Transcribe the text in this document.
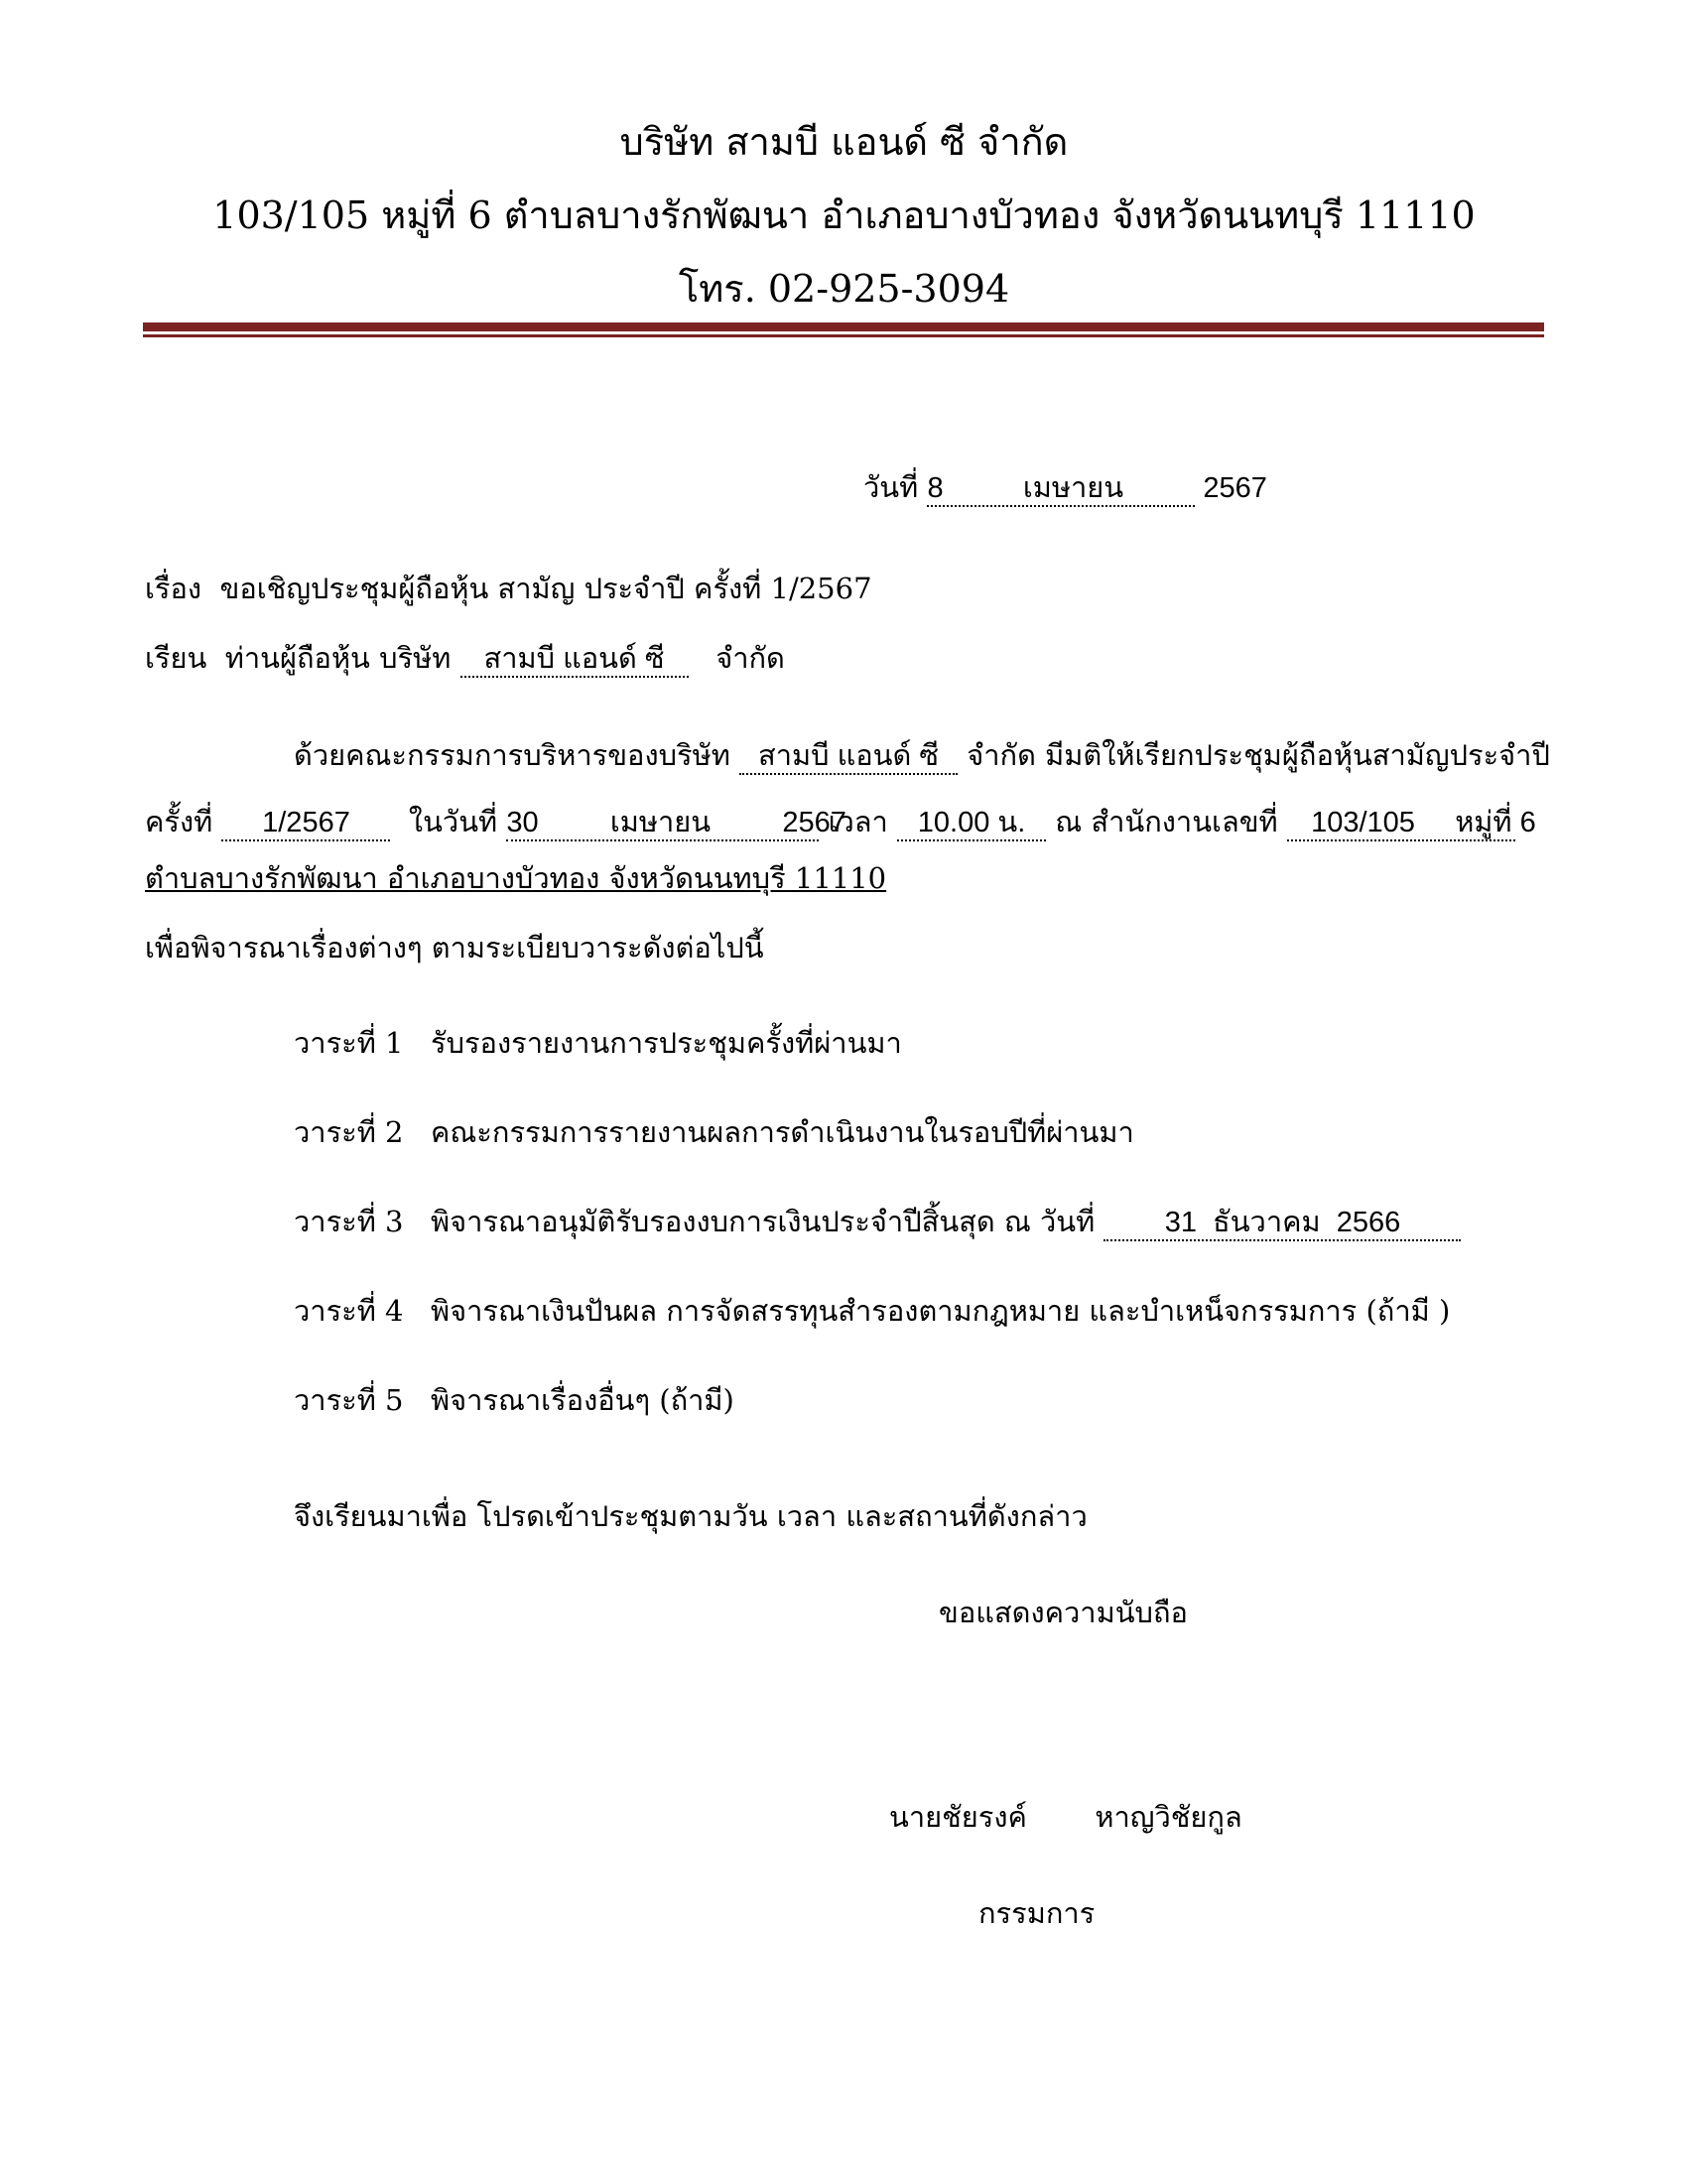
บริษัท สามบี แอนด์ ซี จำกัด
103/105 หมู่ที่ 6 ตำบลบางรักพัฒนา อำเภอบางบัวทอง จังหวัดนนทบุรี 11110
โทร. 02-925-3094
วันที่ 8	เมษายน	2567
เรื่อง ขอเชิญประชุมผู้ถือหุ้น สามัญ ประจำปี ครั้งที่ 1/2567
เรียน ท่านผู้ถือหุ้น บริษัท สามบี แอนด์ ซี จำกัด
ด้วยคณะกรรมการบริหารของบริษัท สามบี แอนด์ ซี จำกัด มีมติให้เรียกประชุมผู้ถือหุ้นสามัญประจำปี
ครั้งที่ 1/2567 ในวันที่ 30 เมษายน 2567 เวลา 10.00 น. ณ สำนักงานเลขที่ 103/105 หมู่ที่ 6
ตำบลบางรักพัฒนา อำเภอบางบัวทอง จังหวัดนนทบุรี 11110
เพื่อพิจารณาเรื่องต่างๆ ตามระเบียบวาระดังต่อไปนี้
วาระที่ 1 รับรองรายงานการประชุมครั้งที่ผ่านมา
วาระที่ 2 คณะกรรมการรายงานผลการดำเนินงานในรอบปีที่ผ่านมา
วาระที่ 3 พิจารณาอนุมัติรับรองงบการเงินประจำปีสิ้นสุด ณ วันที่ 31 ธันวาคม 2566
วาระที่ 4 พิจารณาเงินปันผล การจัดสรรทุนสำรองตามกฎหมาย และบำเหน็จกรรมการ (ถ้ามี )
วาระที่ 5 พิจารณาเรื่องอื่นๆ (ถ้ามี)
จึงเรียนมาเพื่อ โปรดเข้าประชุมตามวัน เวลา และสถานที่ดังกล่าว
ขอแสดงความนับถือ
นายชัยรงค์ หาญวิชัยกูล
กรรมการ
